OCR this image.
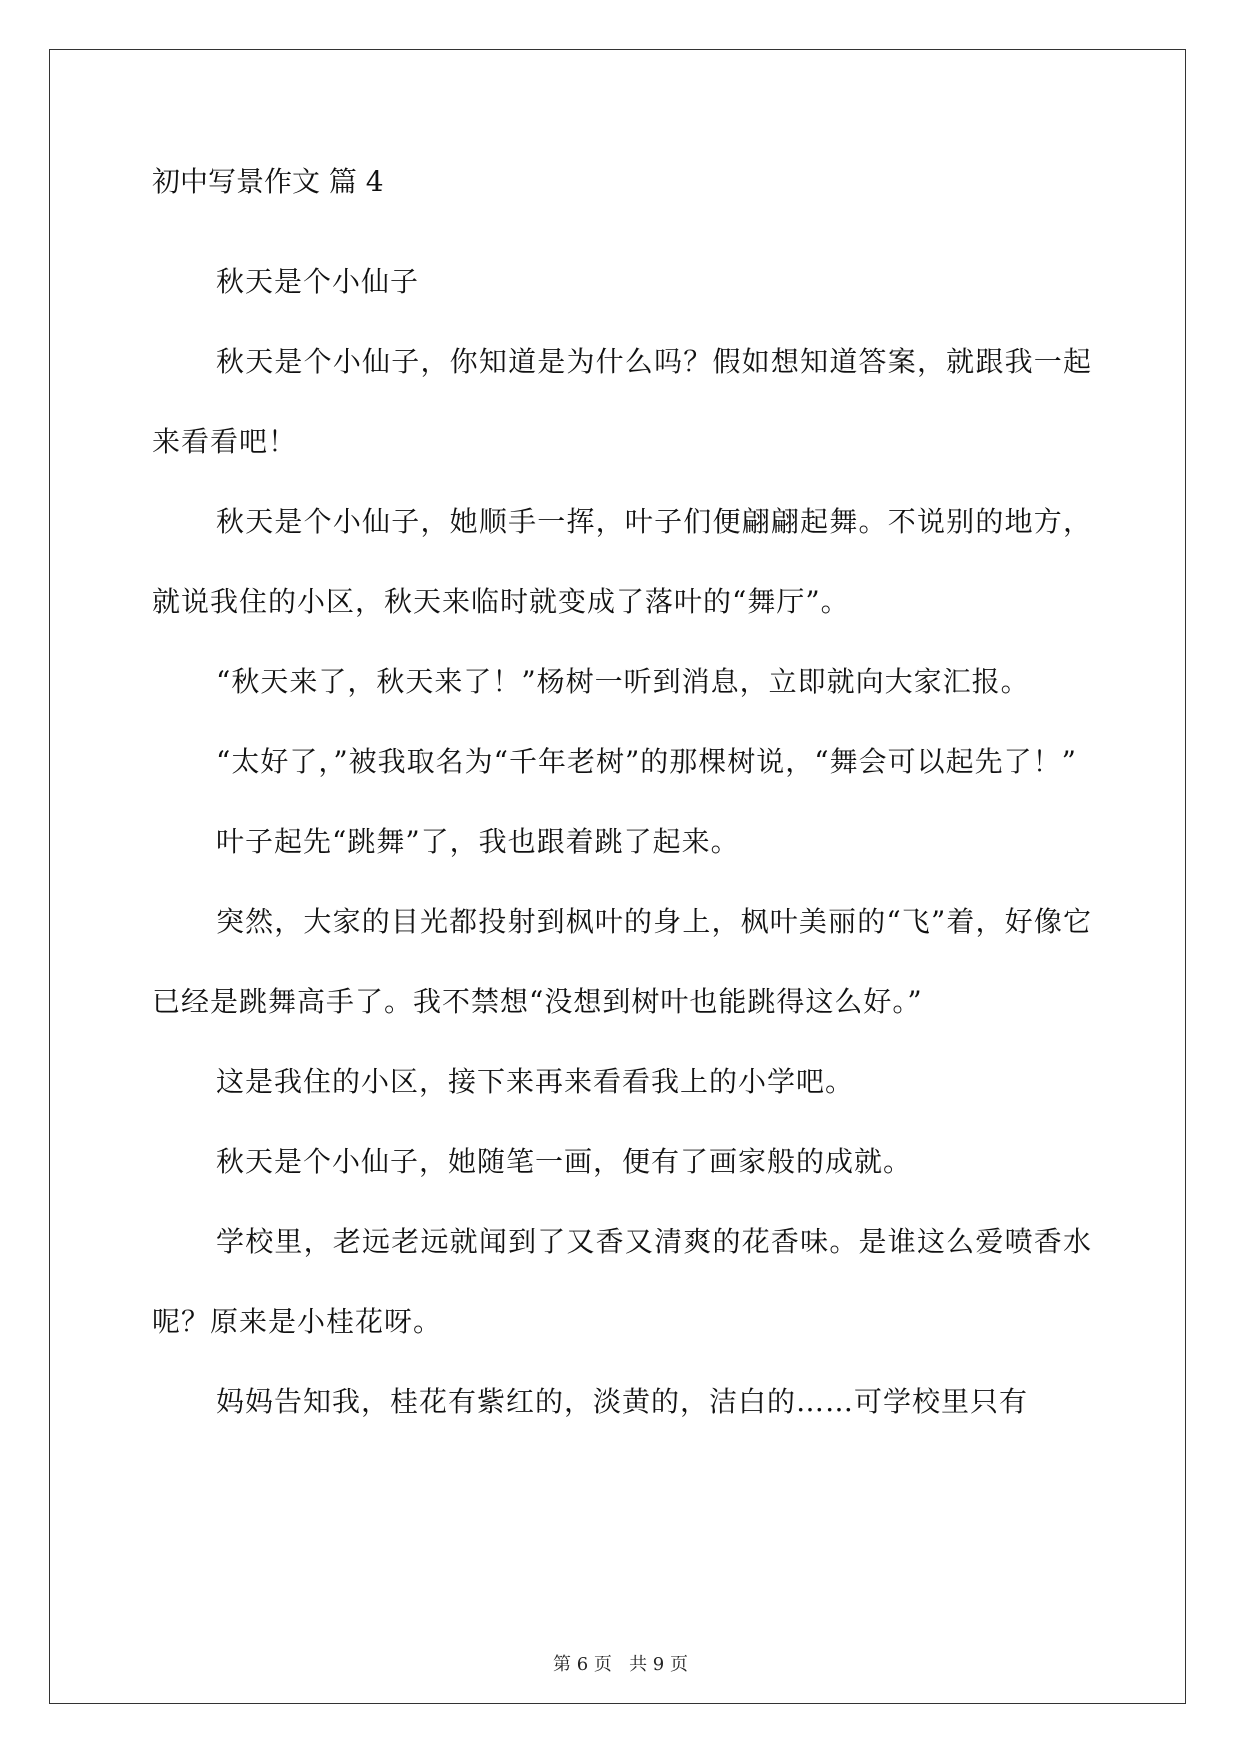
初中写景作文 篇 4

秋天是个小仙子

秋天是个小仙子，你知道是为什么吗？假如想知道答案，就跟我一起来看看吧！

秋天是个小仙子，她顺手一挥，叶子们便翩翩起舞。不说别的地方，就说我住的小区，秋天来临时就变成了落叶的“舞厅”。

“秋天来了，秋天来了！”杨树一听到消息，立即就向大家汇报。

“太好了，”被我取名为“千年老树”的那棵树说，“舞会可以起先了！”

叶子起先“跳舞”了，我也跟着跳了起来。

突然，大家的目光都投射到枫叶的身上，枫叶美丽的“飞”着，好像它已经是跳舞高手了。我不禁想“没想到树叶也能跳得这么好。”

这是我住的小区，接下来再来看看我上的小学吧。

秋天是个小仙子，她随笔一画，便有了画家般的成就。

学校里，老远老远就闻到了又香又清爽的花香味。是谁这么爱喷香水呢？原来是小桂花呀。

妈妈告知我，桂花有紫红的，淡黄的，洁白的……可学校里只有

第 6 页   共 9 页
